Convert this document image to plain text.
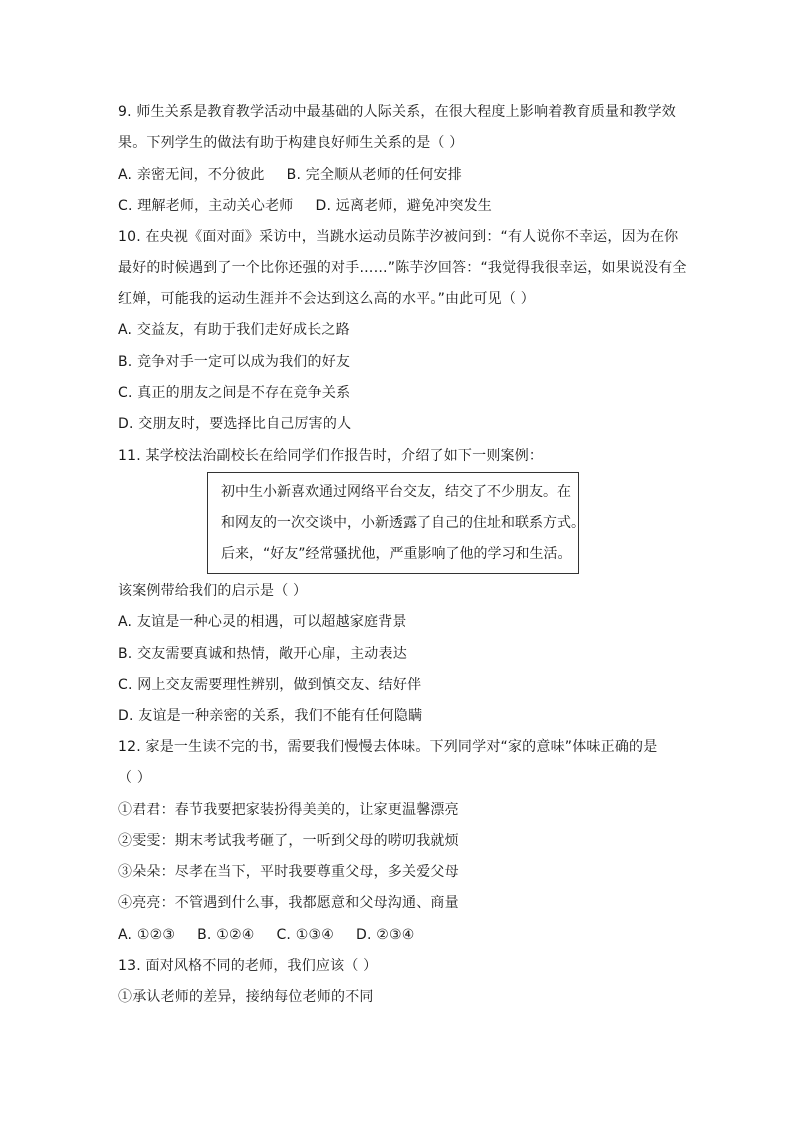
9. 师生关系是教育教学活动中最基础的人际关系，在很大程度上影响着教育质量和教学效
果。下列学生的做法有助于构建良好师生关系的是（ ）
A. 亲密无间，不分彼此 B. 完全顺从老师的任何安排
C. 理解老师，主动关心老师 D. 远离老师，避免冲突发生
10. 在央视《面对面》采访中，当跳水运动员陈芋汐被问到：“有人说你不幸运，因为在你
最好的时候遇到了一个比你还强的对手……”陈芋汐回答：“我觉得我很幸运，如果说没有全
红婵，可能我的运动生涯并不会达到这么高的水平。”由此可见（ ）
A. 交益友，有助于我们走好成长之路
B. 竞争对手一定可以成为我们的好友
C. 真正的朋友之间是不存在竞争关系
D. 交朋友时，要选择比自己厉害的人
11. 某学校法治副校长在给同学们作报告时，介绍了如下一则案例：
初中生小新喜欢通过网络平台交友，结交了不少朋友。在
和网友的一次交谈中，小新透露了自己的住址和联系方式。
后来，“好友”经常骚扰他，严重影响了他的学习和生活。
该案例带给我们的启示是（ ）
A. 友谊是一种心灵的相遇，可以超越家庭背景
B. 交友需要真诚和热情，敞开心扉，主动表达
C. 网上交友需要理性辨别，做到慎交友、结好伴
D. 友谊是一种亲密的关系，我们不能有任何隐瞒
12. 家是一生读不完的书，需要我们慢慢去体味。下列同学对“家的意味”体味正确的是
（ ）
①君君：春节我要把家装扮得美美的，让家更温馨漂亮
②雯雯：期末考试我考砸了，一听到父母的唠叨我就烦
③朵朵：尽孝在当下，平时我要尊重父母，多关爱父母
④亮亮：不管遇到什么事，我都愿意和父母沟通、商量
A. ①②③ B. ①②④ C. ①③④ D. ②③④
13. 面对风格不同的老师，我们应该（ ）
①承认老师的差异，接纳每位老师的不同
